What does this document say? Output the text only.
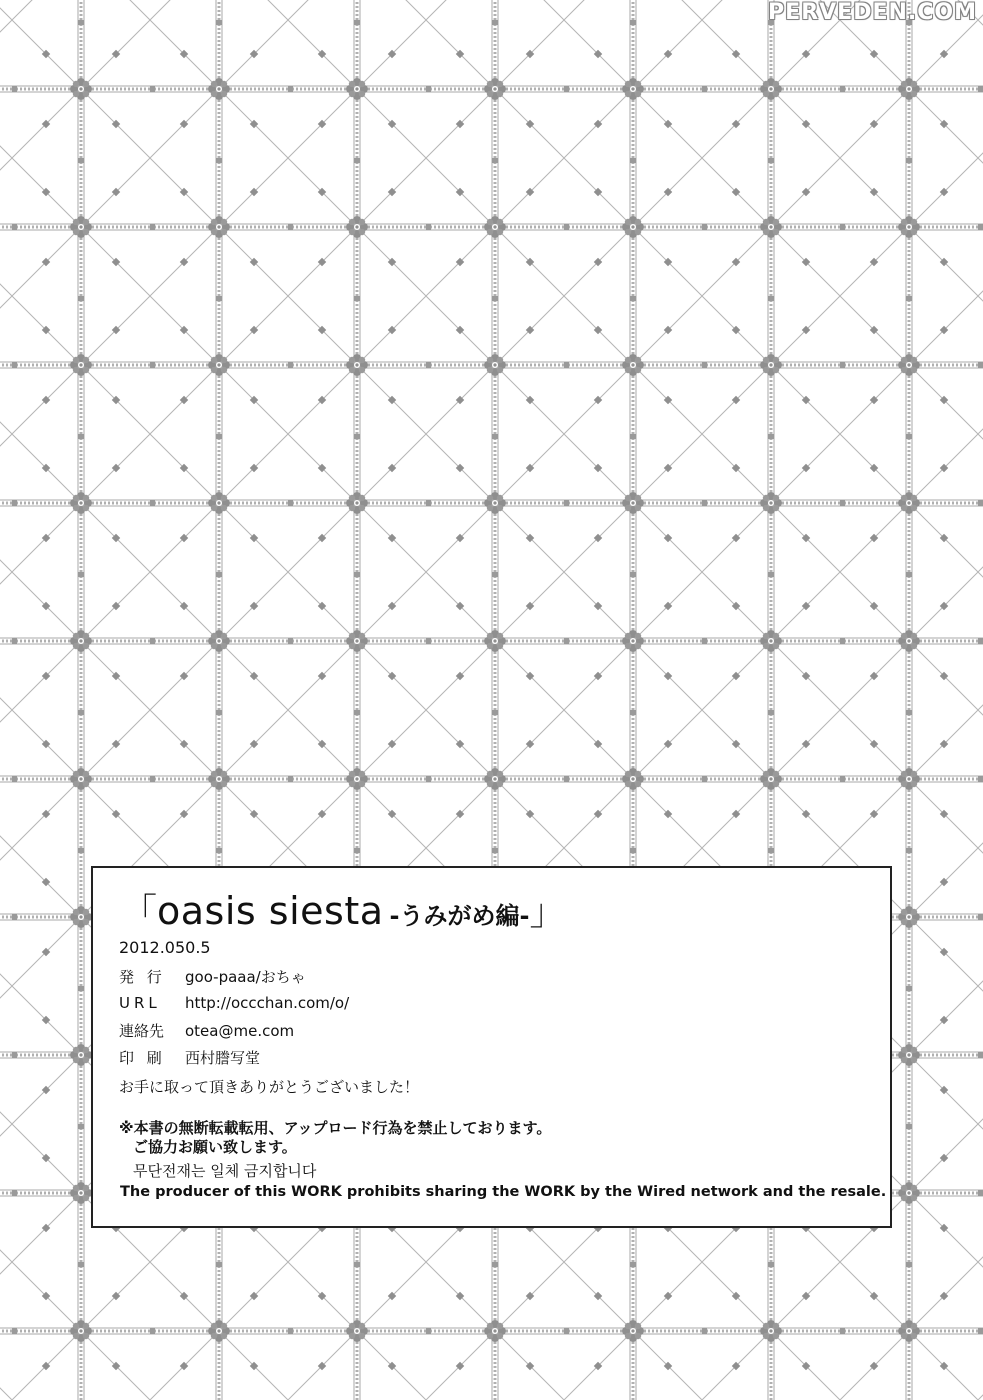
PERVEDEN.COM
「oasis siesta -うみがめ編-」
2012.050.5
発 行 goo-paaa/おちゃ
URL http://occchan.com/o/
連絡先 otea@me.com
印 刷 西村謄写堂
お手に取って頂きありがとうございました！
※本書の無断転載転用、アップロード行為を禁止しております。
ご協力お願い致します。
무단전재는 일체 금지합니다
The producer of this WORK prohibits sharing the WORK by the Wired network and the resale.
